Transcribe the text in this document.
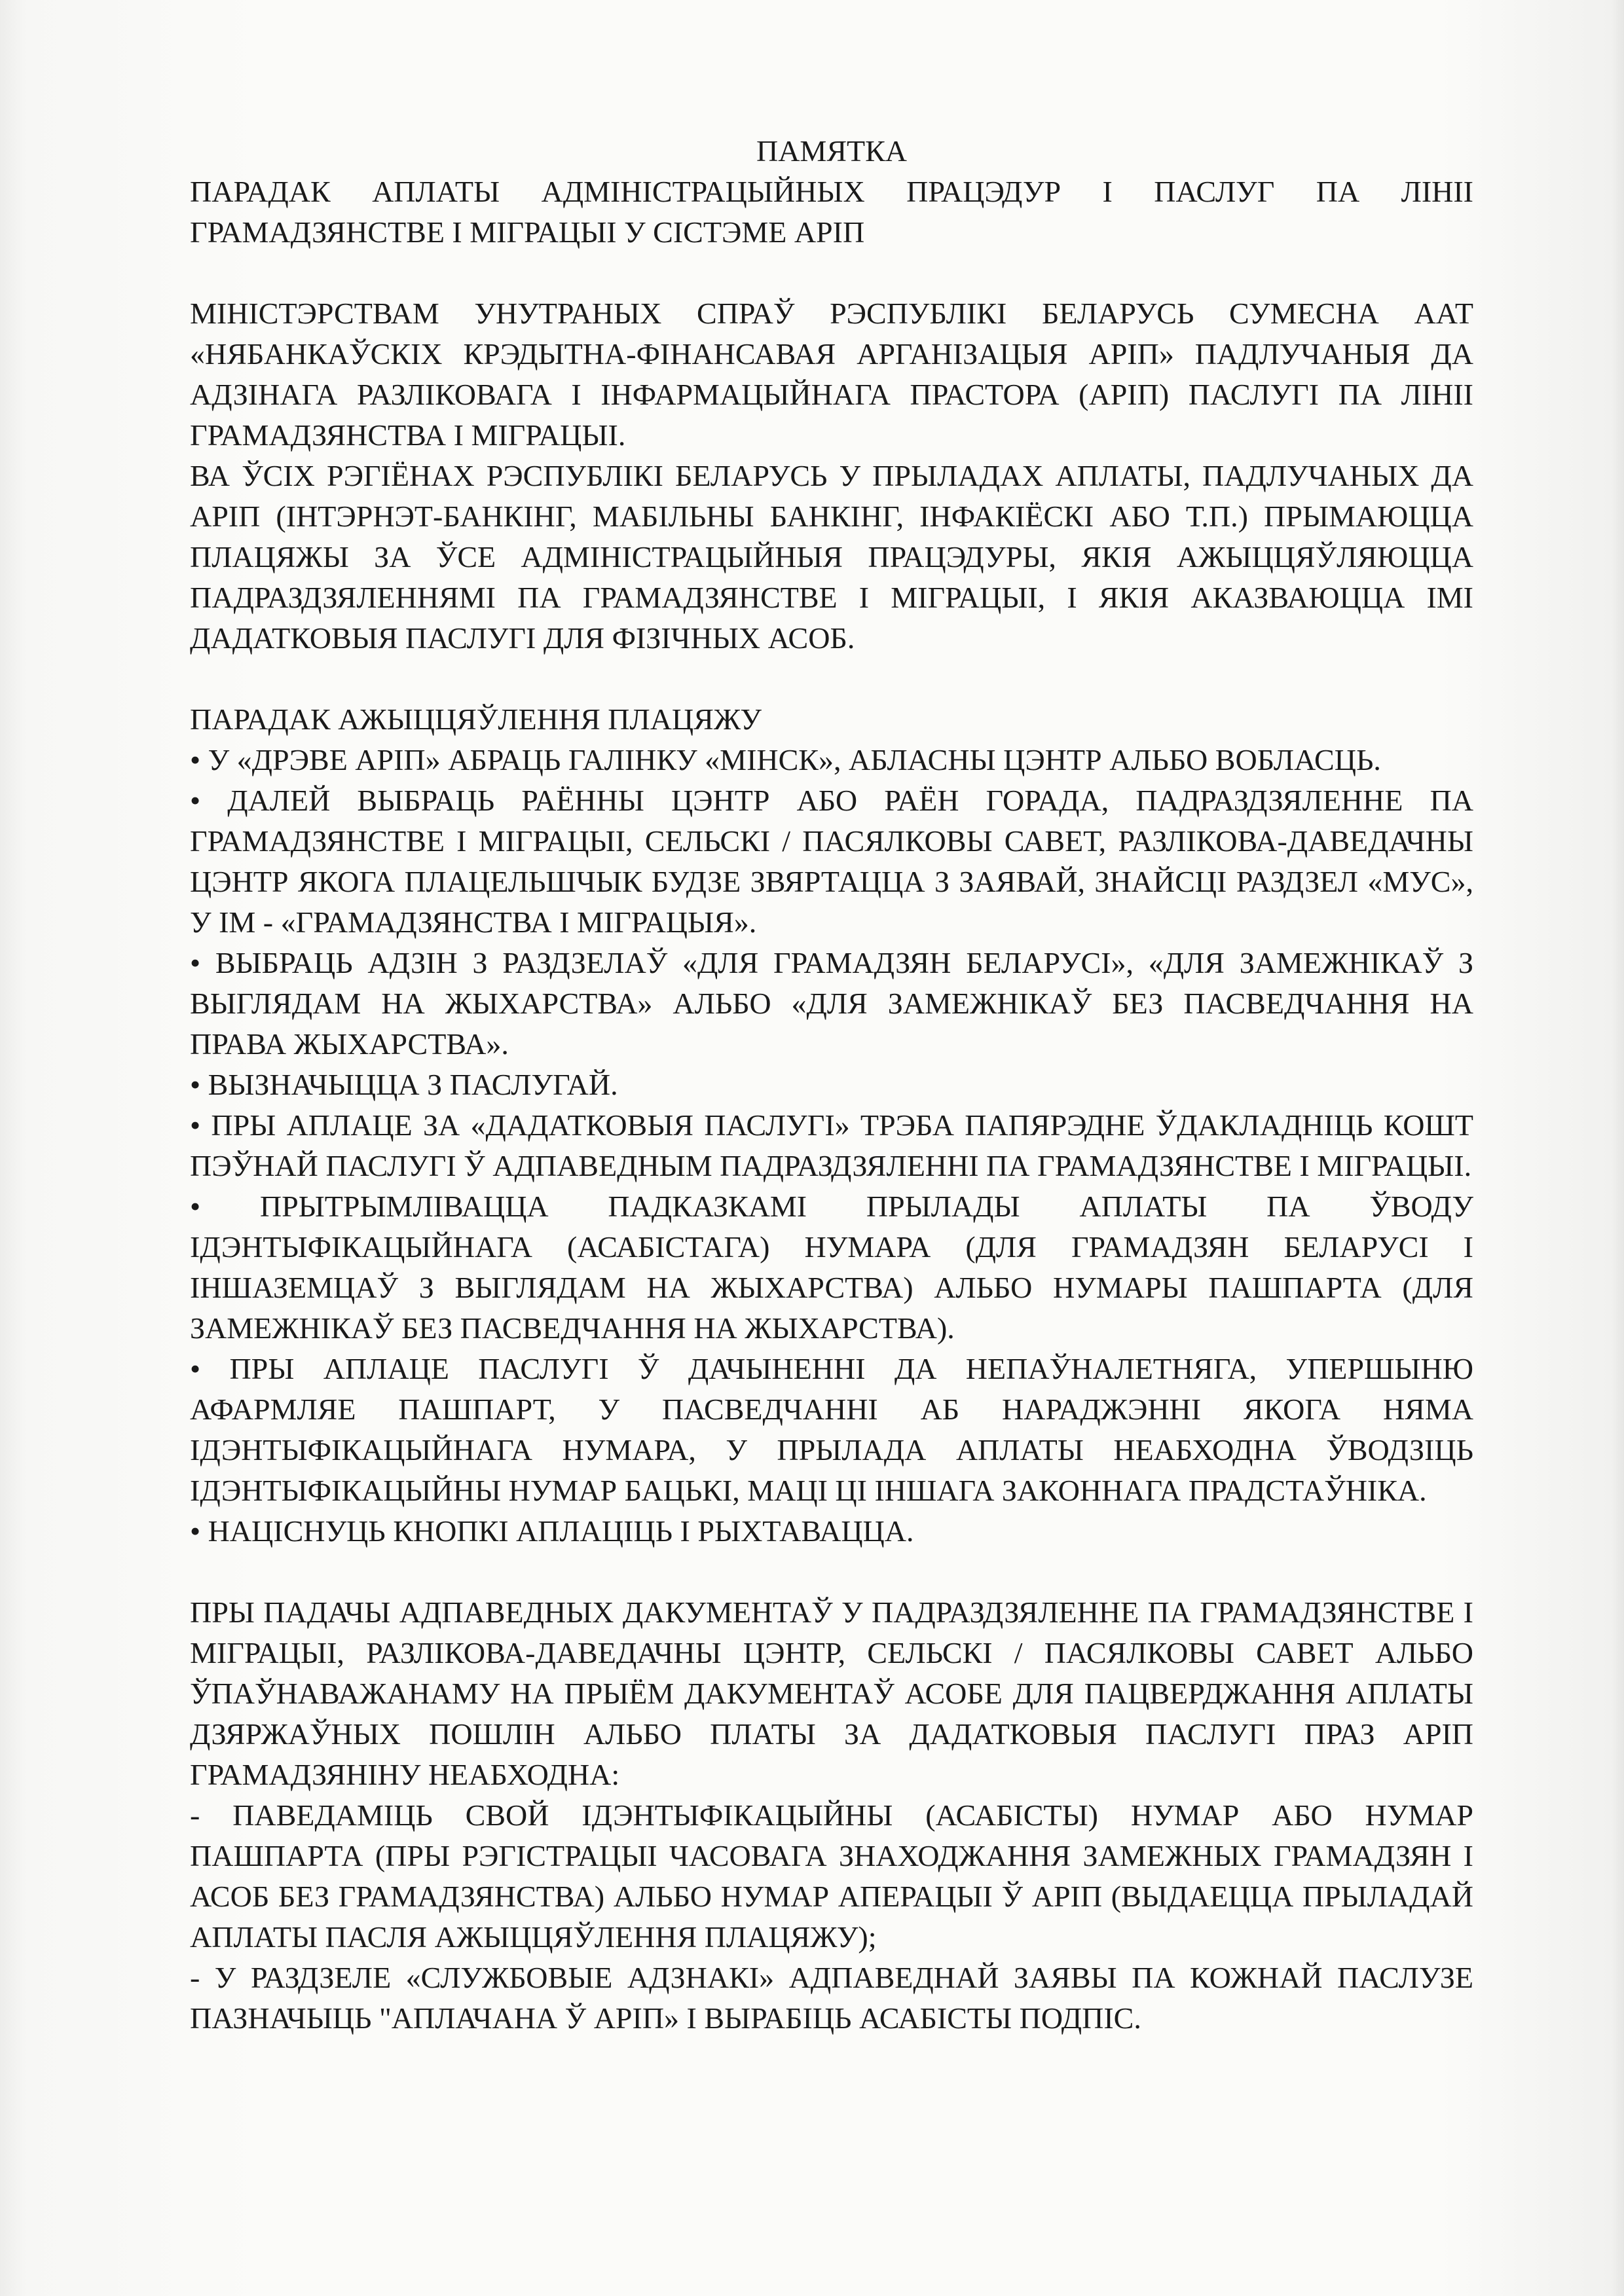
ПАМЯТКА
ПАРАДАК АПЛАТЫ АДМІНІСТРАЦЫЙНЫХ ПРАЦЭДУР І ПАСЛУГ ПА ЛІНІІ ГРАМАДЗЯНСТВЕ І МІГРАЦЫІ У СІСТЭМЕ АРІП

МІНІСТЭРСТВАМ УНУТРАНЫХ СПРАЎ РЭСПУБЛІКІ БЕЛАРУСЬ СУМЕСНА ААТ «НЯБАНКАЎСКІХ КРЭДЫТНА-ФІНАНСАВАЯ АРГАНІЗАЦЫЯ АРІП» ПАДЛУЧАНЫЯ ДА АДЗІНАГА РАЗЛІКОВАГА І ІНФАРМАЦЫЙНАГА ПРАСТОРА (АРІП) ПАСЛУГІ ПА ЛІНІІ ГРАМАДЗЯНСТВА І МІГРАЦЫІ.

ВА ЎСІХ РЭГІЁНАХ РЭСПУБЛІКІ БЕЛАРУСЬ У ПРЫЛАДАХ АПЛАТЫ, ПАДЛУЧАНЫХ ДА АРІП (ІНТЭРНЭТ-БАНКІНГ, МАБІЛЬНЫ БАНКІНГ, ІНФАКІЁСКІ АБО Т.П.) ПРЫМАЮЦЦА ПЛАЦЯЖЫ ЗА ЎСЕ АДМІНІСТРАЦЫЙНЫЯ ПРАЦЭДУРЫ, ЯКІЯ АЖЫЦЦЯЎЛЯЮЦЦА ПАДРАЗДЗЯЛЕННЯМІ ПА ГРАМАДЗЯНСТВЕ І МІГРАЦЫІ, І ЯКІЯ АКАЗВАЮЦЦА ІМІ ДАДАТКОВЫЯ ПАСЛУГІ ДЛЯ ФІЗІЧНЫХ АСОБ.

ПАРАДАК АЖЫЦЦЯЎЛЕННЯ ПЛАЦЯЖУ

• У «ДРЭВЕ АРІП» АБРАЦЬ ГАЛІНКУ «МІНСК», АБЛАСНЫ ЦЭНТР АЛЬБО ВОБЛАСЦЬ.

• ДАЛЕЙ ВЫБРАЦЬ РАЁННЫ ЦЭНТР АБО РАЁН ГОРАДА, ПАДРАЗДЗЯЛЕННЕ ПА ГРАМАДЗЯНСТВЕ І МІГРАЦЫІ, СЕЛЬСКІ / ПАСЯЛКОВЫ САВЕТ, РАЗЛІКОВА-ДАВЕДАЧНЫ ЦЭНТР ЯКОГА ПЛАЦЕЛЬШЧЫК БУДЗЕ ЗВЯРТАЦЦА З ЗАЯВАЙ, ЗНАЙСЦІ РАЗДЗЕЛ «МУС», У ІМ - «ГРАМАДЗЯНСТВА І МІГРАЦЫЯ».

• ВЫБРАЦЬ АДЗІН З РАЗДЗЕЛАЎ «ДЛЯ ГРАМАДЗЯН БЕЛАРУСІ», «ДЛЯ ЗАМЕЖНІКАЎ З ВЫГЛЯДАМ НА ЖЫХАРСТВА» АЛЬБО «ДЛЯ ЗАМЕЖНІКАЎ БЕЗ ПАСВЕДЧАННЯ НА ПРАВА ЖЫХАРСТВА».

• ВЫЗНАЧЫЦЦА З ПАСЛУГАЙ.

• ПРЫ АПЛАЦЕ ЗА «ДАДАТКОВЫЯ ПАСЛУГІ» ТРЭБА ПАПЯРЭДНЕ ЎДАКЛАДНІЦЬ КОШТ ПЭЎНАЙ ПАСЛУГІ Ў АДПАВЕДНЫМ ПАДРАЗДЗЯЛЕННІ ПА ГРАМАДЗЯНСТВЕ І МІГРАЦЫІ.

• ПРЫТРЫМЛІВАЦЦА ПАДКАЗКАМІ ПРЫЛАДЫ АПЛАТЫ ПА ЎВОДУ ІДЭНТЫФІКАЦЫЙНАГА (АСАБІСТАГА) НУМАРА (ДЛЯ ГРАМАДЗЯН БЕЛАРУСІ І ІНШАЗЕМЦАЎ З ВЫГЛЯДАМ НА ЖЫХАРСТВА) АЛЬБО НУМАРЫ ПАШПАРТА (ДЛЯ ЗАМЕЖНІКАЎ БЕЗ ПАСВЕДЧАННЯ НА ЖЫХАРСТВА).

• ПРЫ АПЛАЦЕ ПАСЛУГІ Ў ДАЧЫНЕННІ ДА НЕПАЎНАЛЕТНЯГА, УПЕРШЫНЮ АФАРМЛЯЕ ПАШПАРТ, У ПАСВЕДЧАННІ АБ НАРАДЖЭННІ ЯКОГА НЯМА ІДЭНТЫФІКАЦЫЙНАГА НУМАРА, У ПРЫЛАДА АПЛАТЫ НЕАБХОДНА ЎВОДЗІЦЬ ІДЭНТЫФІКАЦЫЙНЫ НУМАР БАЦЬКІ, МАЦІ ЦІ ІНШАГА ЗАКОННАГА ПРАДСТАЎНІКА.

• НАЦІСНУЦЬ КНОПКІ АПЛАЦІЦЬ І РЫХТАВАЦЦА.

ПРЫ ПАДАЧЫ АДПАВЕДНЫХ ДАКУМЕНТАЎ У ПАДРАЗДЗЯЛЕННЕ ПА ГРАМАДЗЯНСТВЕ І МІГРАЦЫІ, РАЗЛІКОВА-ДАВЕДАЧНЫ ЦЭНТР, СЕЛЬСКІ / ПАСЯЛКОВЫ САВЕТ АЛЬБО ЎПАЎНАВАЖАНАМУ НА ПРЫЁМ ДАКУМЕНТАЎ АСОБЕ ДЛЯ ПАЦВЕРДЖАННЯ АПЛАТЫ ДЗЯРЖАЎНЫХ ПОШЛІН АЛЬБО ПЛАТЫ ЗА ДАДАТКОВЫЯ ПАСЛУГІ ПРАЗ АРІП ГРАМАДЗЯНІНУ НЕАБХОДНА:

- ПАВЕДАМІЦЬ СВОЙ ІДЭНТЫФІКАЦЫЙНЫ (АСАБІСТЫ) НУМАР АБО НУМАР ПАШПАРТА (ПРЫ РЭГІСТРАЦЫІ ЧАСОВАГА ЗНАХОДЖАННЯ ЗАМЕЖНЫХ ГРАМАДЗЯН І АСОБ БЕЗ ГРАМАДЗЯНСТВА) АЛЬБО НУМАР АПЕРАЦЫІ Ў АРІП (ВЫДАЕЦЦА ПРЫЛАДАЙ АПЛАТЫ ПАСЛЯ АЖЫЦЦЯЎЛЕННЯ ПЛАЦЯЖУ);

- У РАЗДЗЕЛЕ «СЛУЖБОВЫЕ АДЗНАКІ» АДПАВЕДНАЙ ЗАЯВЫ ПА КОЖНАЙ ПАСЛУЗЕ ПАЗНАЧЫЦЬ "АПЛАЧАНА Ў АРІП» І ВЫРАБІЦЬ АСАБІСТЫ ПОДПІС.
